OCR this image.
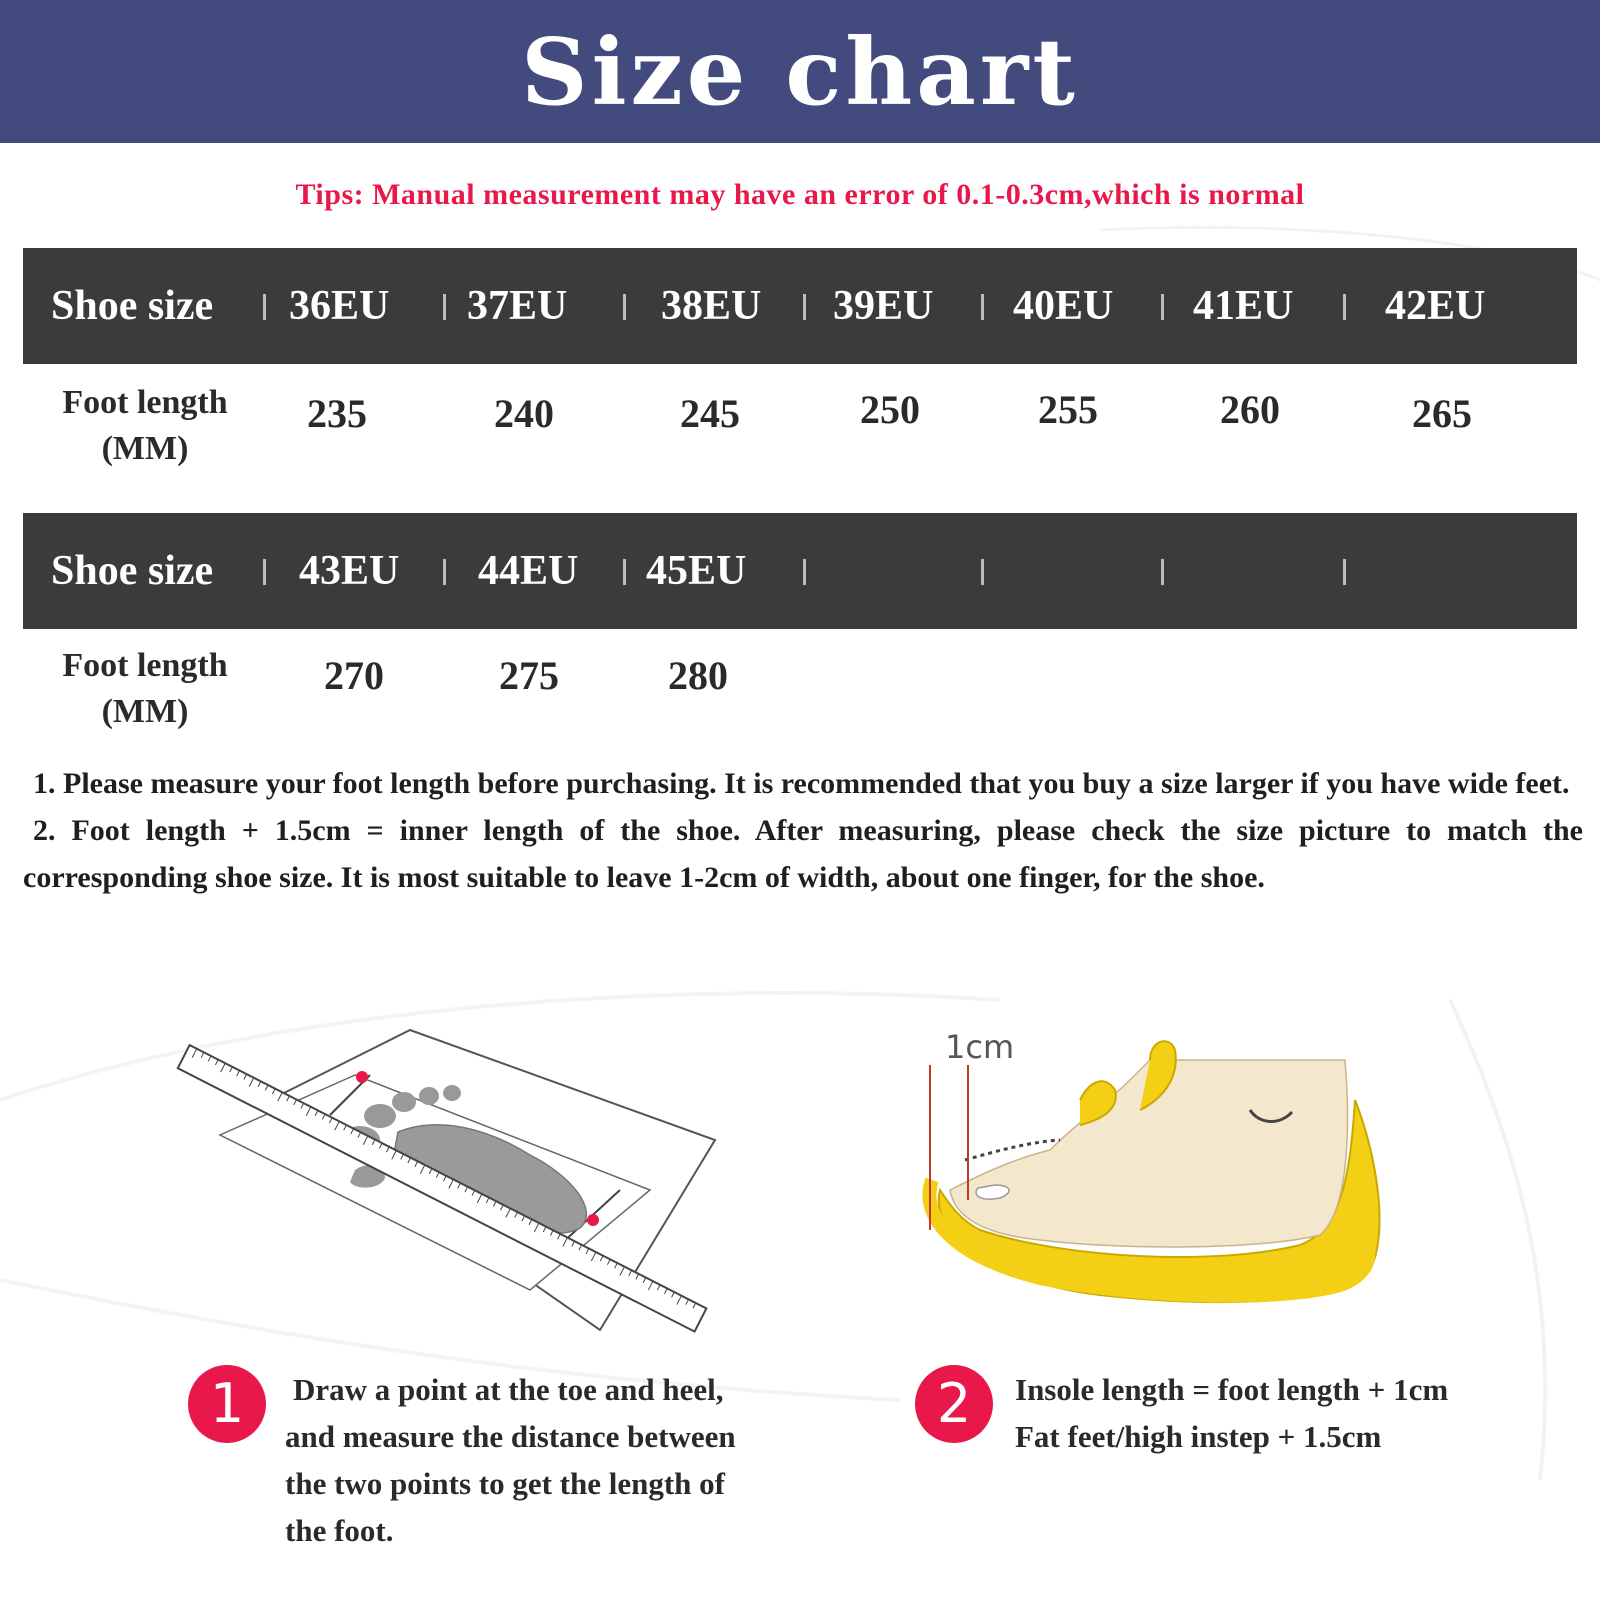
Size chart
Tips: Manual measurement may have an error of 0.1-0.3cm,which is normal
Shoe size 36EU 37EU 38EU 39EU 40EU 41EU 42EU
Foot length
(MM)
235	240	245	250	255	260	265
Shoe size 43EU 44EU 45EU
Foot length
(MM)
270	275	280

1. Please measure your foot length before purchasing. It is recommended that you buy a size larger if you have wide feet.

2. Foot length + 1.5cm = inner length of the shoe. After measuring, please check the size picture to match the corresponding shoe size. It is most suitable to leave 1-2cm of width, about one finger, for the shoe.

1cm
1	Draw a point at the toe and heel,
and measure the distance between
the two points to get the length of
the foot.
2	Insole length = foot length + 1cm
Fat feet/high instep + 1.5cm
